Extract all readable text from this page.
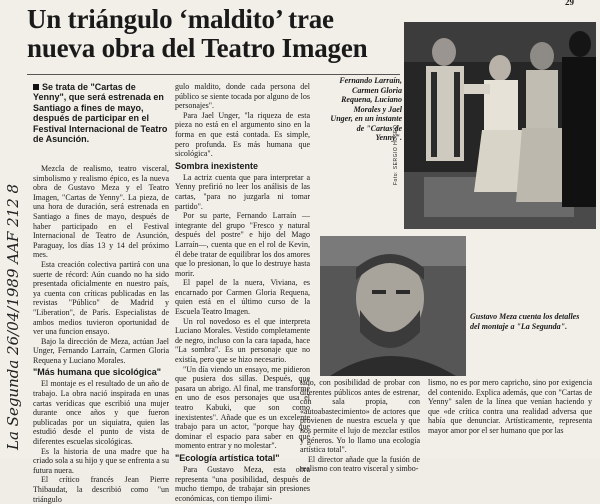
29
Un triángulo ‘maldito’ trae nueva obra del Teatro Imagen
La Segunda 26/04/1989 AAF 212 8
Se trata de "Cartas de Yenny", que será estrenada en Santiago a fines de mayo, después de participar en el Festival Internacional de Teatro de Asunción.

Mezcla de realismo, teatro visceral, simbolismo y realismo épico, es la nueva obra de Gustavo Meza y el Teatro Imagen, "Cartas de Yenny". La pieza, de una hora de duración, será estrenada en Santiago a fines de mayo, después de haber participado en el Festival Internacional de Teatro de Asunción, Paraguay, los días 13 y 14 del próximo mes.

Esta creación colectiva partirá con una suerte de récord: Aún cuando no ha sido presentada oficialmente en nuestro país, ya cuenta con críticas publicadas en las revistas "Público" de Madrid y "Liberation", de París. Especialistas de ambos medios tuvieron oportunidad de ver una funcion ensayo.

Bajo la dirección de Meza, actúan Jael Unger, Fernando Larraín, Carmen Gloria Requena y Luciano Morales.

"Más humana que sicológica"

El montaje es el resultado de un año de trabajo. La obra nació inspirada en unas cartas verídicas que escribió una mujer durante once años y que fueron publicadas por un siquiatra, quien las estudió desde el punto de vista de diferentes escuelas sicológicas.

Es la historia de una madre que ha criado sola a su hijo y que se enfrenta a su futura nuera.

El crítico francés Jean Pierre Thibaudat, la describió como "un triángulo

gulo maldito, donde cada persona del público se siente tocada por alguno de los personajes".

Para Jael Unger, "la riqueza de esta pieza no está en el argumento sino en la forma en que está contada. Es simple, pero profunda. Es más humana que sicológica".

Sombra inexistente

La actriz cuenta que para interpretar a Yenny prefirió no leer los análisis de las cartas, "para no juzgarla ni tomar partido".

Por su parte, Fernando Larraín —integrante del grupo "Fresco y natural después del postre" e hijo del Mago Larraín—, cuenta que en el rol de Kevin, él debe tratar de equilibrar los dos amores que lo presionan, lo que lo destruye hasta morir.

El papel de la nuera, Viviana, es encarnado por Carmen Gloria Requena, quien está en el último curso de la Escuela Teatro Imagen.

Un rol novedoso es el que interpreta Luciano Morales. Vestido completamente de negro, incluso con la cara tapada, hace "La sombra". Es un personaje que no existía, pero que se hizo necesario.

"Un día viendo un ensayo, me pidieron que pusiera dos sillas. Después, que pasara un abrigo. Al final, me transformé en uno de esos personajes que usa el teatro Kabuki, que son como inexistentes". Añade que es un excelente trabajo para un actor, "porque hay que dominar el espacio para saber en qué momento entrar y no molestar".

"Ecología artística total"

Para Gustavo Meza, esta obra representa "una posibilidad, después de mucho tiempo, de trabajar sin presiones económicas, con tiempo ilimi-

tado, con posibilidad de probar con diferentes públicos antes de estrenar, con sala propia, con «autoabastecimiento» de actores que provienen de nuestra escuela y que nos permite el lujo de mezclar estilos y géneros. Yo lo llamo una ecología artística total".

El director añade que la fusión de realismo con teatro visceral y simbo-

lismo, no es por mero capricho, sino por exigencia del contenido. Explica además, que con "Cartas de Yenny" salen de la línea que venían haciendo y que «de crítica contra una realidad adversa que había que denunciar. Artísticamente, representa mayor amor por el ser humano que por las

Fernando Larraín, Carmen Gloria Requena, Luciano Morales y Jael Unger, en un instante de "Cartas de Yenny".
Foto: SERGIO HUSEO
Gustavo Meza cuenta los detalles del montaje a "La Segunda".
